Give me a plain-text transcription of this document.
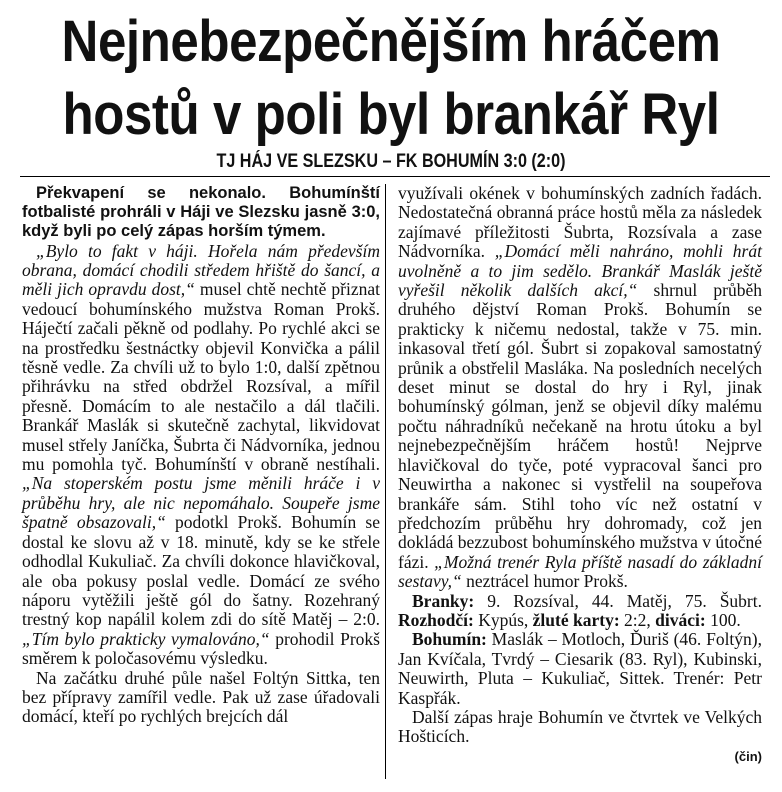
Nejnebezpečnějším hráčem
hostů v poli byl brankář Ryl
TJ HÁJ VE SLEZSKU – FK BOHUMÍN 3:0 (2:0)

Překvapení se nekonalo. Bohumínští fotbalisté prohráli v Háji ve Slezsku jasně 3:0, když byli po celý zápas horším týmem.

„Bylo to fakt v háji. Hořela nám především obrana, domácí chodili středem hřiště do šancí, a měli jich opravdu dost,“ musel chtě nechtě přiznat vedoucí bohumínského mužstva Roman Prokš. Háječtí začali pěkně od podlahy. Po rychlé akci se na prostředku šestnáctky objevil Konvička a pálil těsně vedle. Za chvíli už to bylo 1:0, další zpětnou přihrávku na střed obdržel Rozsíval, a mířil přesně. Domácím to ale nestačilo a dál tlačili. Brankář Maslák si skutečně zachytal, likvidovat musel střely Janíčka, Šubrta či Nádvorníka, jednou mu pomohla tyč. Bohumínští v obraně nestíhali. „Na stoperském postu jsme měnili hráče i v průběhu hry, ale nic nepomáhalo. Soupeře jsme špatně obsazovali,“ podotkl Prokš. Bohumín se dostal ke slovu až v 18. minutě, kdy se ke střele odhodlal Kukuliač. Za chvíli dokonce hlavičkoval, ale oba pokusy poslal vedle. Domácí ze svého náporu vytěžili ještě gól do šatny. Rozehraný trestný kop napálil kolem zdi do sítě Matěj – 2:0. „Tím bylo prakticky vymalováno,“ prohodil Prokš směrem k poločasovému výsledku.

Na začátku druhé půle našel Foltýn Sittka, ten bez přípravy zamířil vedle. Pak už zase úřadovali domácí, kteří po rychlých brejcích dál

využívali okének v bohumínských zadních řadách. Nedostatečná obranná práce hostů měla za následek zajímavé příležitosti Šubrta, Rozsívala a zase Nádvorníka. „Domácí měli nahráno, mohli hrát uvolněně a to jim sedělo. Brankář Maslák ještě vyřešil několik dalších akcí,“ shrnul průběh druhého dějství Roman Prokš. Bohumín se prakticky k ničemu nedostal, takže v 75. min. inkasoval třetí gól. Šubrt si zopakoval samostatný průnik a obstřelil Masláka. Na posledních necelých deset minut se dostal do hry i Ryl, jinak bohumínský gólman, jenž se objevil díky malému počtu náhradníků nečekaně na hrotu útoku a byl nejnebezpečnějším hráčem hostů! Nejprve hlavičkoval do tyče, poté vypracoval šanci pro Neuwirtha a nakonec si vystřelil na soupeřova brankáře sám. Stihl toho víc než ostatní v předchozím průběhu hry dohromady, což jen dokládá bezzubost bohumínského mužstva v útočné fázi. „Možná trenér Ryla příště nasadí do základní sestavy,“ neztrácel humor Prokš.

Branky: 9. Rozsíval, 44. Matěj, 75. Šubrt. Rozhodčí: Kypús, žluté karty: 2:2, diváci: 100.

Bohumín: Maslák – Motloch, Ďuriš (46. Foltýn), Jan Kvíčala, Tvrdý – Ciesarik (83. Ryl), Kubinski, Neuwirth, Pluta – Kukuliač, Sittek. Trenér: Petr Kaspřák.

Další zápas hraje Bohumín ve čtvrtek ve Velkých Hošticích.

(čin)
